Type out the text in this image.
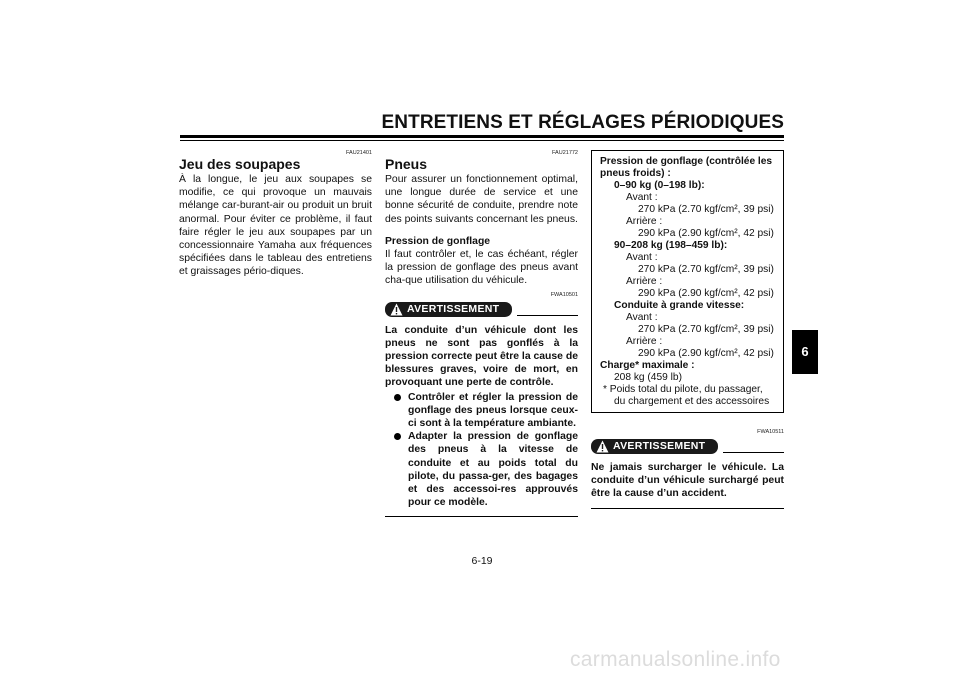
ENTRETIENS ET RÉGLAGES PÉRIODIQUES
FAU21401
Jeu des soupapes

À la longue, le jeu aux soupapes se modifie, ce qui provoque un mauvais mélange car-burant-air ou produit un bruit anormal. Pour éviter ce problème, il faut faire régler le jeu aux soupapes par un concessionnaire Yamaha aux fréquences spécifiées dans le tableau des entretiens et graissages pério-diques.

FAU21772
Pneus

Pour assurer un fonctionnement optimal, une longue durée de service et une bonne sécurité de conduite, prendre note des points suivants concernant les pneus.

Pression de gonflage

Il faut contrôler et, le cas échéant, régler la pression de gonflage des pneus avant cha-que utilisation du véhicule.

FWA10501
AVERTISSEMENT

La conduite d’un véhicule dont les pneus ne sont pas gonflés à la pression correcte peut être la cause de blessures graves, voire de mort, en provoquant une perte de contrôle.

Contrôler et régler la pression de gonflage des pneus lorsque ceux-ci sont à la température ambiante.
Adapter la pression de gonflage des pneus à la vitesse de conduite et au poids total du pilote, du passa-ger, des bagages et des accessoi-res approuvés pour ce modèle.
Pression de gonflage (contrôlée les
pneus froids) :
0–90 kg (0–198 lb):
Avant :
270 kPa (2.70 kgf/cm², 39 psi)
Arrière :
290 kPa (2.90 kgf/cm², 42 psi)
90–208 kg (198–459 lb):
Avant :
270 kPa (2.70 kgf/cm², 39 psi)
Arrière :
290 kPa (2.90 kgf/cm², 42 psi)
Conduite à grande vitesse:
Avant :
270 kPa (2.70 kgf/cm², 39 psi)
Arrière :
290 kPa (2.90 kgf/cm², 42 psi)
Charge* maximale :
208 kg (459 lb)
* Poids total du pilote, du passager,
du chargement et des accessoires
FWA10511
AVERTISSEMENT

Ne jamais surcharger le véhicule. La conduite d’un véhicule surchargé peut être la cause d’un accident.

6-19
6
carmanualsonline.info
